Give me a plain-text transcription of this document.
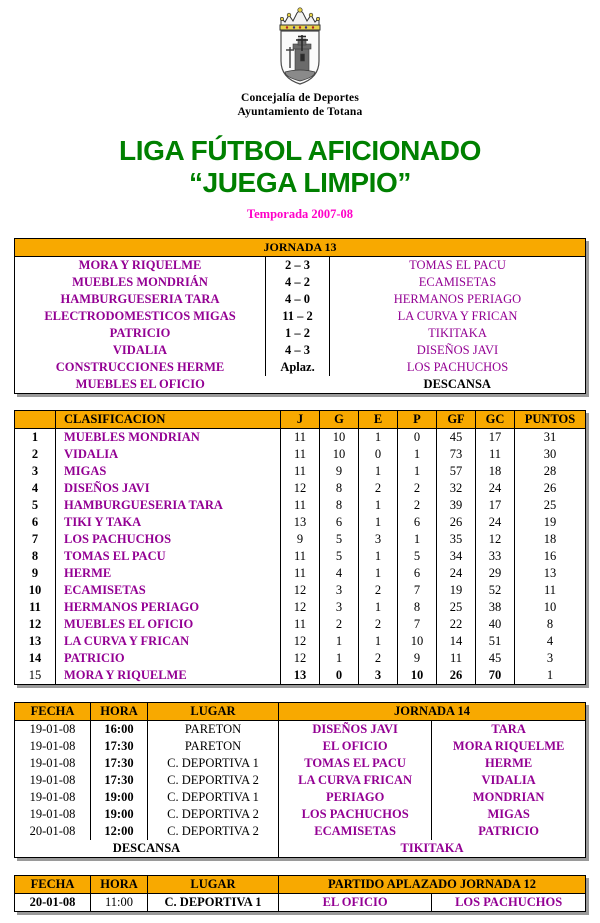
Concejalía de Deportes
Ayuntamiento de Totana
LIGA FÚTBOL AFICIONADO
“JUEGA LIMPIO”
Temporada 2007-08
JORNADA 13
MORA Y RIQUELME	2 – 3	TOMAS EL PACU
MUEBLES MONDRIÁN	4 – 2	ECAMISETAS
HAMBURGUESERIA TARA	4 – 0	HERMANOS PERIAGO
ELECTRODOMESTICOS MIGAS	11 – 2	LA CURVA Y FRICAN
PATRICIO	1 – 2	TIKITAKA
VIDALIA	4 – 3	DISEÑOS JAVI
CONSTRUCCIONES HERME	Aplaz.	LOS PACHUCHOS
MUEBLES EL OFICIO		DESCANSA
	CLASIFICACION	J	G	E	P	GF	GC	PUNTOS
1	MUEBLES MONDRIAN	11	10	1	0	45	17	31
2	VIDALIA	11	10	0	1	73	11	30
3	MIGAS	11	9	1	1	57	18	28
4	DISEÑOS JAVI	12	8	2	2	32	24	26
5	HAMBURGUESERIA TARA	11	8	1	2	39	17	25
6	TIKI Y TAKA	13	6	1	6	26	24	19
7	LOS PACHUCHOS	9	5	3	1	35	12	18
8	TOMAS EL PACU	11	5	1	5	34	33	16
9	HERME	11	4	1	6	24	29	13
10	ECAMISETAS	12	3	2	7	19	52	11
11	HERMANOS PERIAGO	12	3	1	8	25	38	10
12	MUEBLES EL OFICIO	11	2	2	7	22	40	8
13	LA CURVA Y FRICAN	12	1	1	10	14	51	4
14	PATRICIO	12	1	2	9	11	45	3
15	MORA Y RIQUELME	13	0	3	10	26	70	1
FECHA	HORA	LUGAR	JORNADA 14	
19-01-08	16:00	PARETON	DISEÑOS JAVI	TARA
19-01-08	17:30	PARETON	EL OFICIO	MORA RIQUELME
19-01-08	17:30	C. DEPORTIVA 1	TOMAS EL PACU	HERME
19-01-08	17:30	C. DEPORTIVA 2	LA CURVA FRICAN	VIDALIA
19-01-08	19:00	C. DEPORTIVA 1	PERIAGO	MONDRIAN
19-01-08	19:00	C. DEPORTIVA 2	LOS PACHUCHOS	MIGAS
20-01-08	12:00	C. DEPORTIVA 2	ECAMISETAS	PATRICIO
DESCANSA			TIKITAKA	
FECHA	HORA	LUGAR	PARTIDO APLAZADO JORNADA 12	
20-01-08	11:00	C. DEPORTIVA 1	EL OFICIO	LOS PACHUCHOS
